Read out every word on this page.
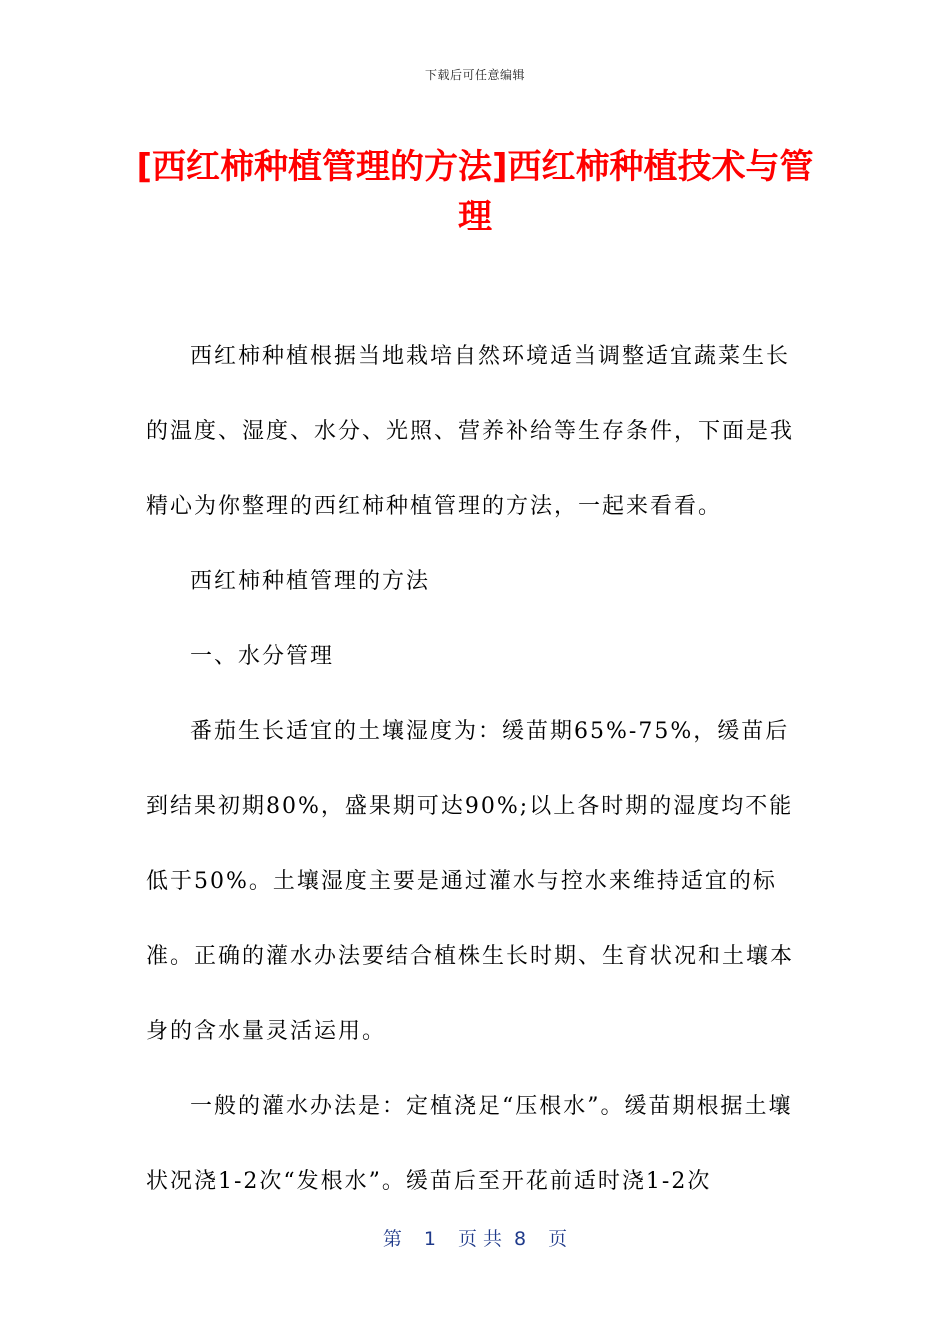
下载后可任意编辑
[西红柿种植管理的方法]西红柿种植技术与管理

西红柿种植根据当地栽培自然环境适当调整适宜蔬菜生长的温度、湿度、水分、光照、营养补给等生存条件，下面是我精心为你整理的西红柿种植管理的方法，一起来看看。

西红柿种植管理的方法

一、水分管理

番茄生长适宜的土壤湿度为：缓苗期65%-75%，缓苗后到结果初期80%，盛果期可达90%;以上各时期的湿度均不能低于50%。土壤湿度主要是通过灌水与控水来维持适宜的标准。正确的灌水办法要结合植株生长时期、生育状况和土壤本身的含水量灵活运用。

一般的灌水办法是：定植浇足“压根水”。缓苗期根据土壤状况浇1-2次“发根水”。缓苗后至开花前适时浇1-2次

第 1 页 共 8 页
